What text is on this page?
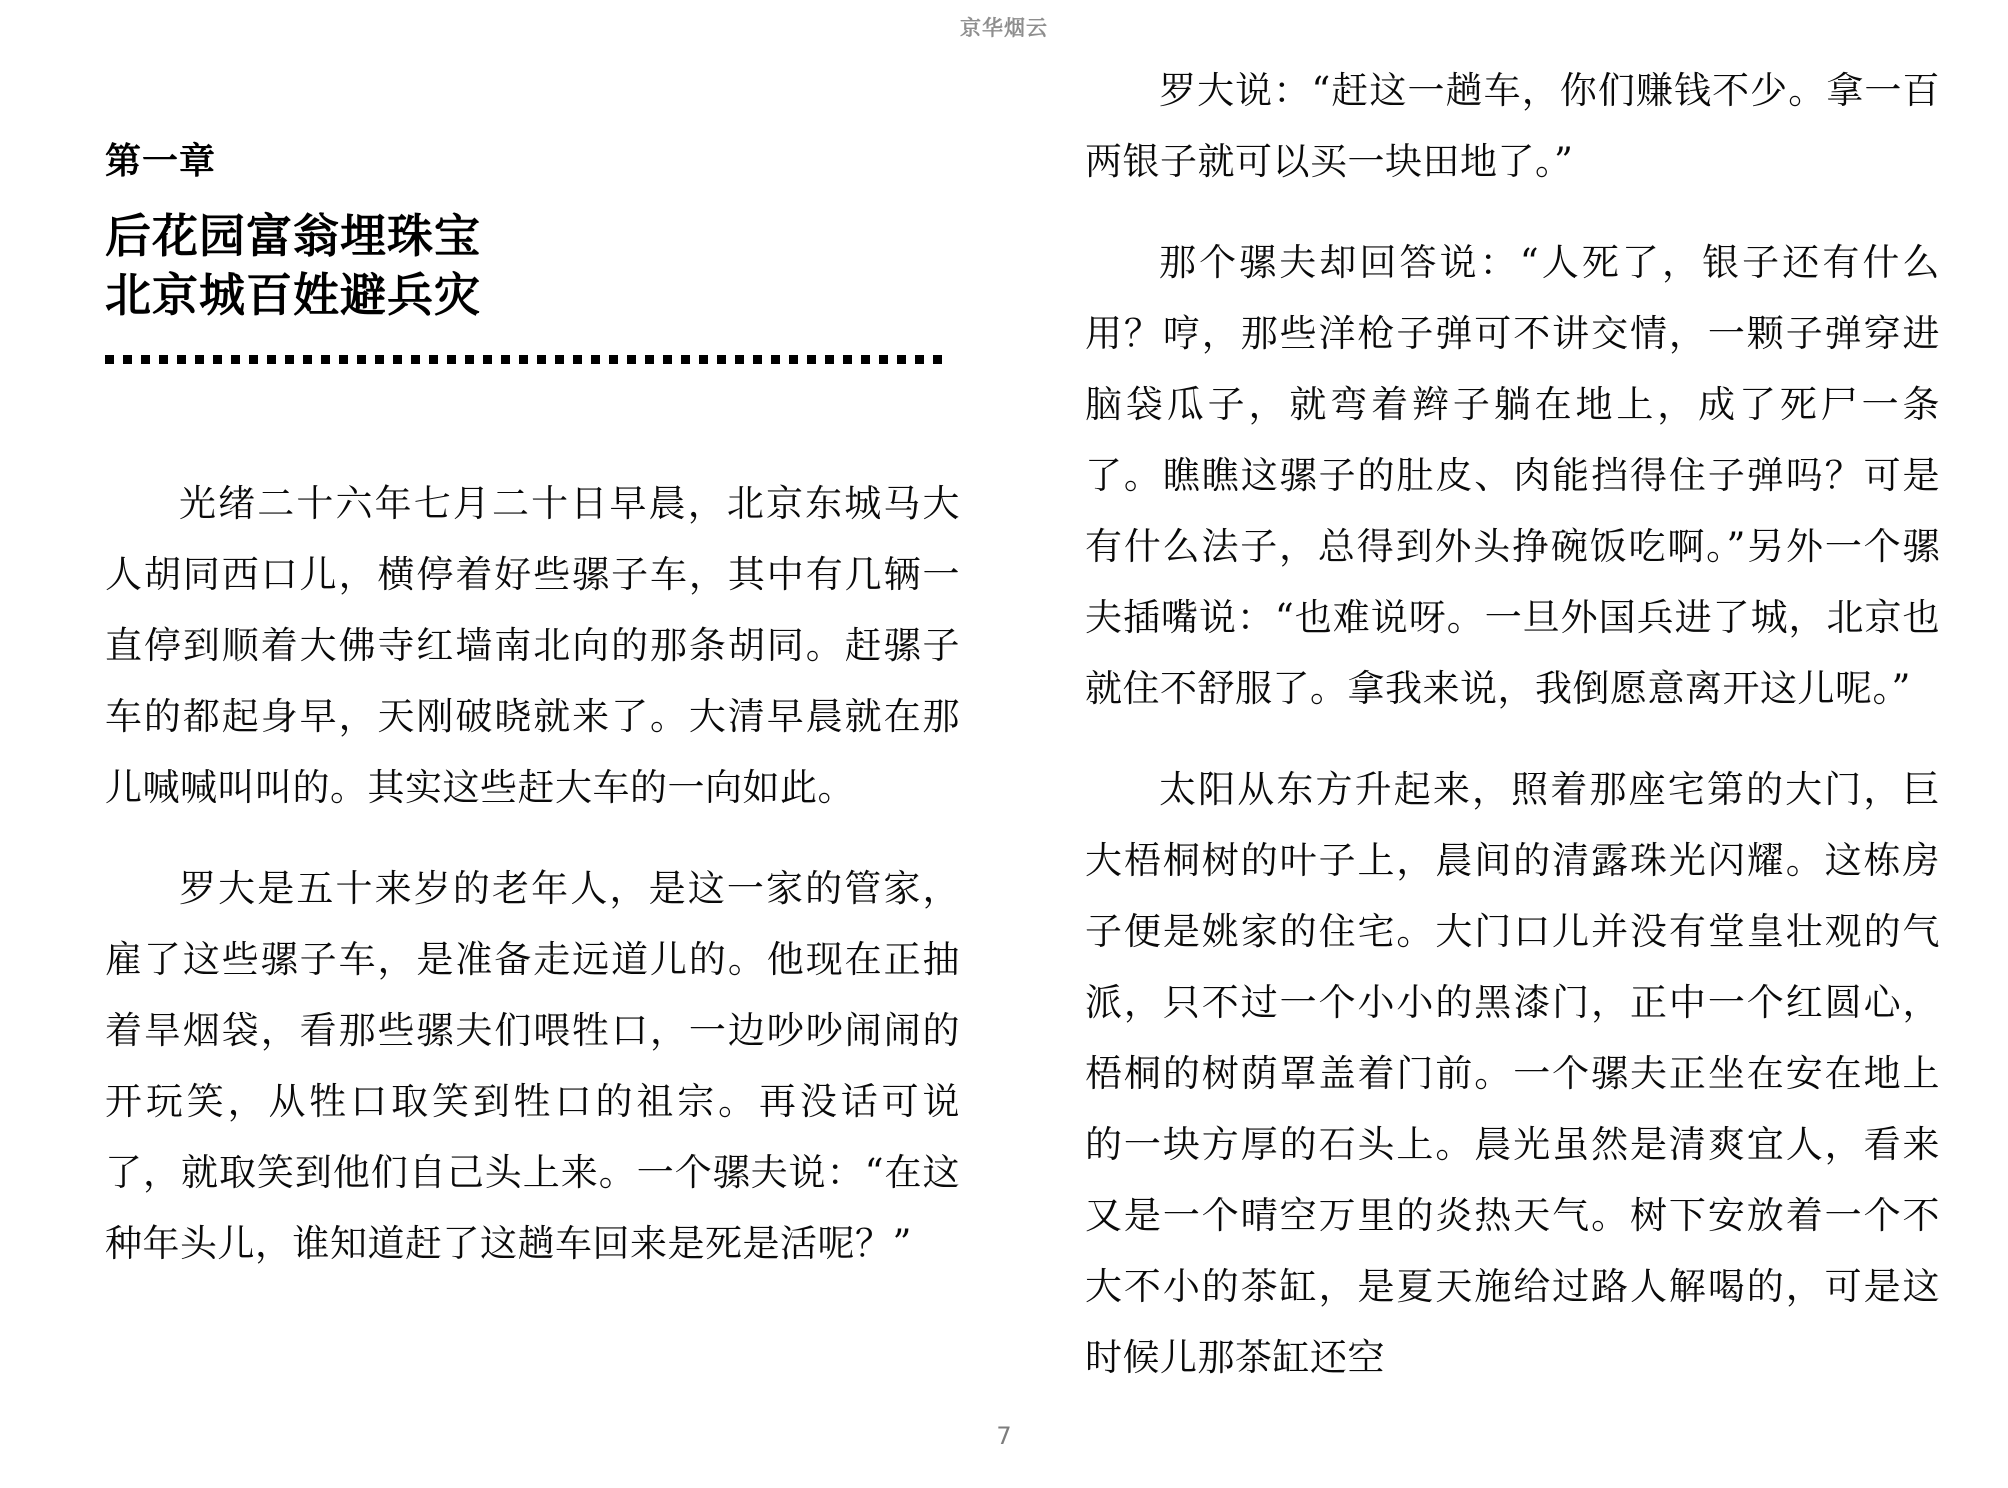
京华烟云
第一章
后花园富翁埋珠宝
北京城百姓避兵灾

光绪二十六年七月二十日早晨，北京东城马大人胡同西口儿，横停着好些骡子车，其中有几辆一直停到顺着大佛寺红墙南北向的那条胡同。赶骡子车的都起身早，天刚破晓就来了。大清早晨就在那儿喊喊叫叫的。其实这些赶大车的一向如此。

罗大是五十来岁的老年人，是这一家的管家，雇了这些骡子车，是准备走远道儿的。他现在正抽着旱烟袋，看那些骡夫们喂牲口，一边吵吵闹闹的开玩笑，从牲口取笑到牲口的祖宗。再没话可说了，就取笑到他们自己头上来。一个骡夫说：“在这种年头儿，谁知道赶了这趟车回来是死是活呢？”

罗大说：“赶这一趟车，你们赚钱不少。拿一百两银子就可以买一块田地了。”

那个骡夫却回答说：“人死了，银子还有什么用？哼，那些洋枪子弹可不讲交情，一颗子弹穿进脑袋瓜子，就弯着辫子躺在地上，成了死尸一条了。瞧瞧这骡子的肚皮、肉能挡得住子弹吗？可是有什么法子，总得到外头挣碗饭吃啊。”另外一个骡夫插嘴说：“也难说呀。一旦外国兵进了城，北京也就住不舒服了。拿我来说，我倒愿意离开这儿呢。”

太阳从东方升起来，照着那座宅第的大门，巨大梧桐树的叶子上，晨间的清露珠光闪耀。这栋房子便是姚家的住宅。大门口儿并没有堂皇壮观的气派，只不过一个小小的黑漆门，正中一个红圆心，梧桐的树荫罩盖着门前。一个骡夫正坐在安在地上的一块方厚的石头上。晨光虽然是清爽宜人，看来又是一个晴空万里的炎热天气。树下安放着一个不大不小的茶缸，是夏天施给过路人解喝的，可是这时候儿那茶缸还空

7
